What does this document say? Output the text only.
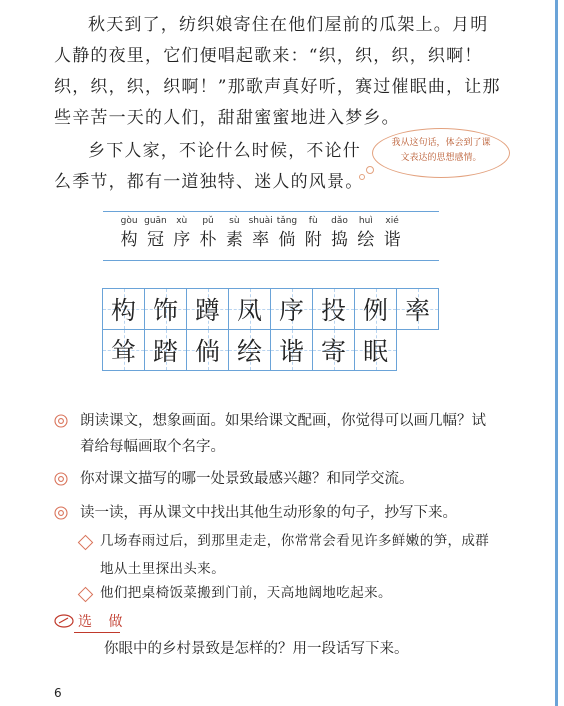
秋天到了，纺织娘寄住在他们屋前的瓜架上。月明人静的夜里，它们便唱起歌来：“织，织，织，织啊！织，织，织，织啊！”那歌声真好听，赛过催眠曲，让那些辛苦一天的人们，甜甜蜜蜜地进入梦乡。

乡下人家，不论什么时候，不论什么季节，都有一道独特、迷人的风景。

我从这句话，体会到了课文表达的思想感情。
gòu
构
guān
冠
xù
序
pǔ
朴
sù
素
shuài
率
tǎng
倘
fù
附
dǎo
捣
huì
绘
xié
谐
构 饰 蹲 凤 序 投 例 率
耸 踏 倘 绘 谐 寄 眠
朗读课文，想象画面。如果给课文配画，你觉得可以画几幅？试着给每幅画取个名字。
你对课文描写的哪一处景致最感兴趣？和同学交流。
读一读，再从课文中找出其他生动形象的句子，抄写下来。
几场春雨过后，到那里走走，你常常会看见许多鲜嫩的笋，成群地从土里探出头来。
他们把桌椅饭菜搬到门前，天高地阔地吃起来。
选 做
你眼中的乡村景致是怎样的？用一段话写下来。
6
